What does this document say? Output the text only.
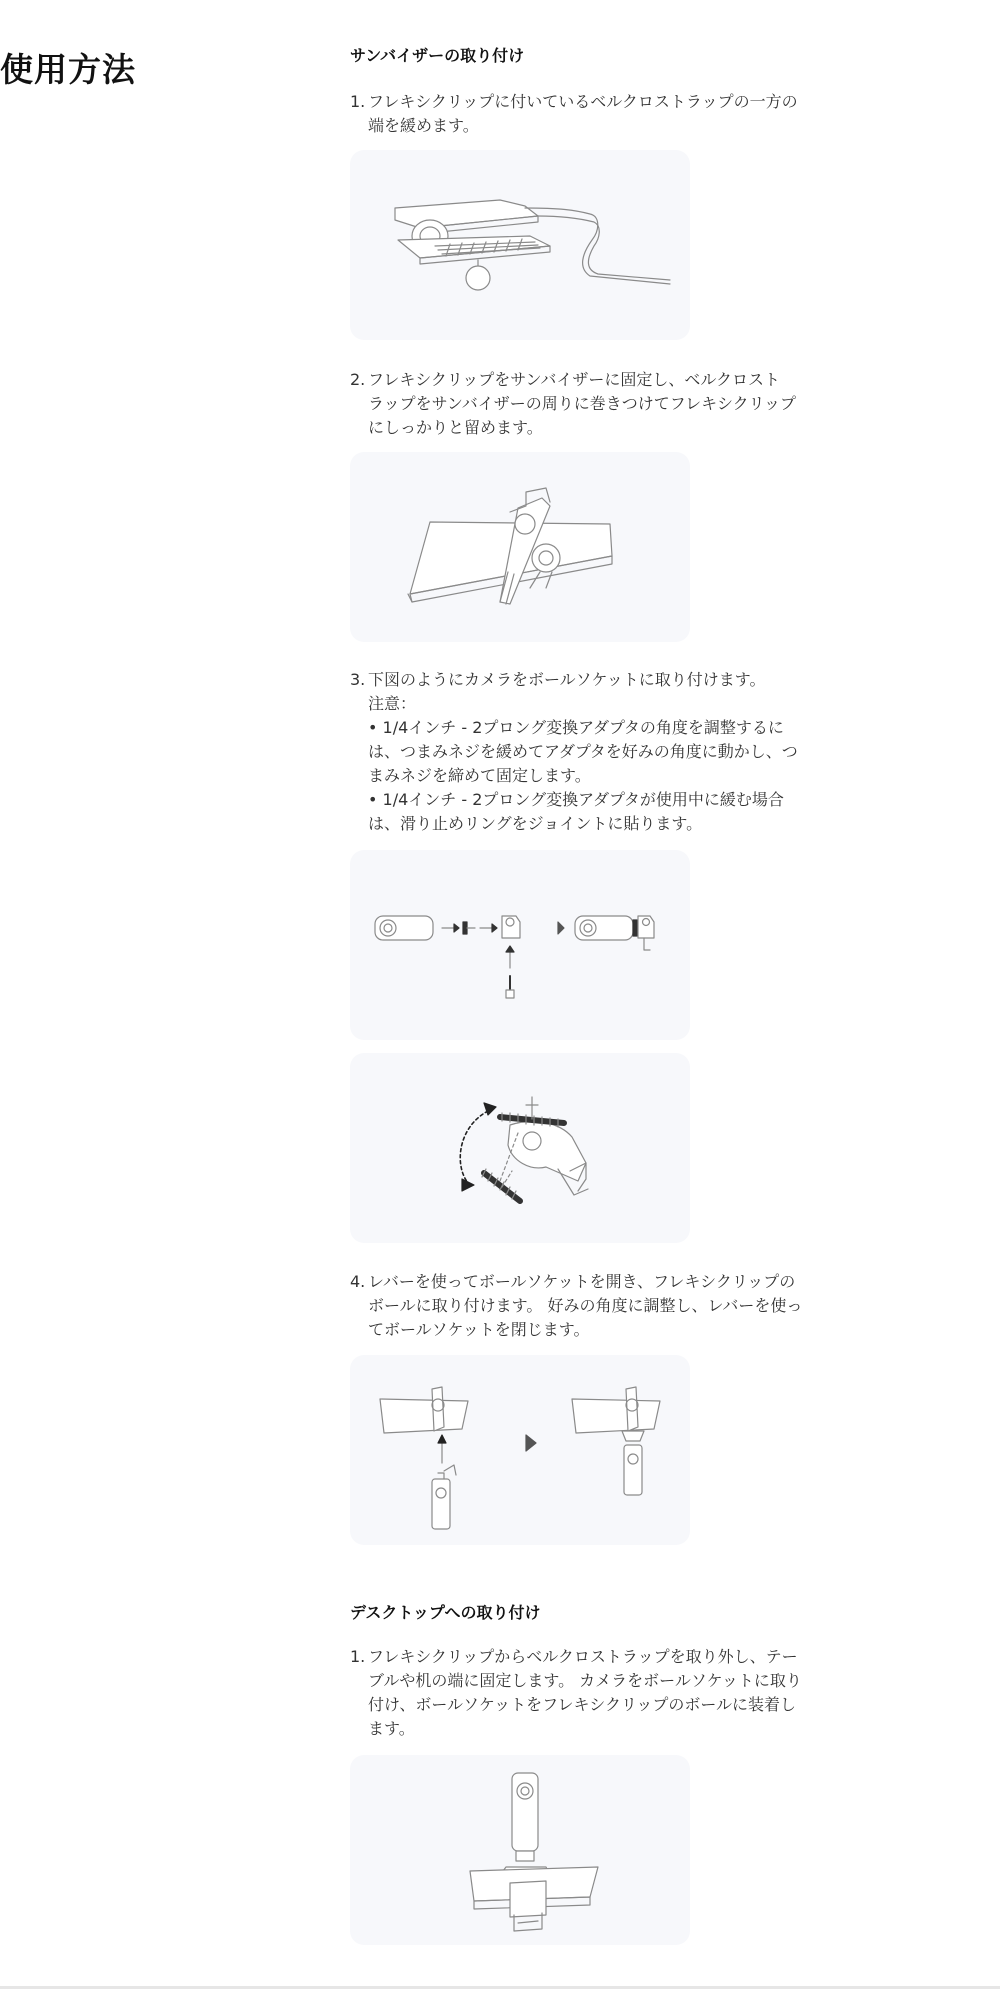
使用方法	サンバイザーの取り付け
1. フレキシクリップに付いているベルクロストラップの一方の
端を緩めます。
2. フレキシクリップをサンバイザーに固定し、ベルクロスト
ラップをサンバイザーの周りに巻きつけてフレキシクリップ
にしっかりと留めます。
3. 下図のようにカメラをボールソケットに取り付けます。
注意：
• 1/4インチ - 2プロング変換アダプタの角度を調整するに
は、つまみネジを緩めてアダプタを好みの角度に動かし、つ
まみネジを締めて固定します。
• 1/4インチ - 2プロング変換アダプタが使用中に緩む場合
は、滑り止めリングをジョイントに貼ります。
4. レバーを使ってボールソケットを開き、フレキシクリップの
ボールに取り付けます。 好みの角度に調整し、レバーを使っ
てボールソケットを閉じます。
デスクトップへの取り付け
1. フレキシクリップからベルクロストラップを取り外し、テー
ブルや机の端に固定します。 カメラをボールソケットに取り
付け、ボールソケットをフレキシクリップのボールに装着し
ます。
